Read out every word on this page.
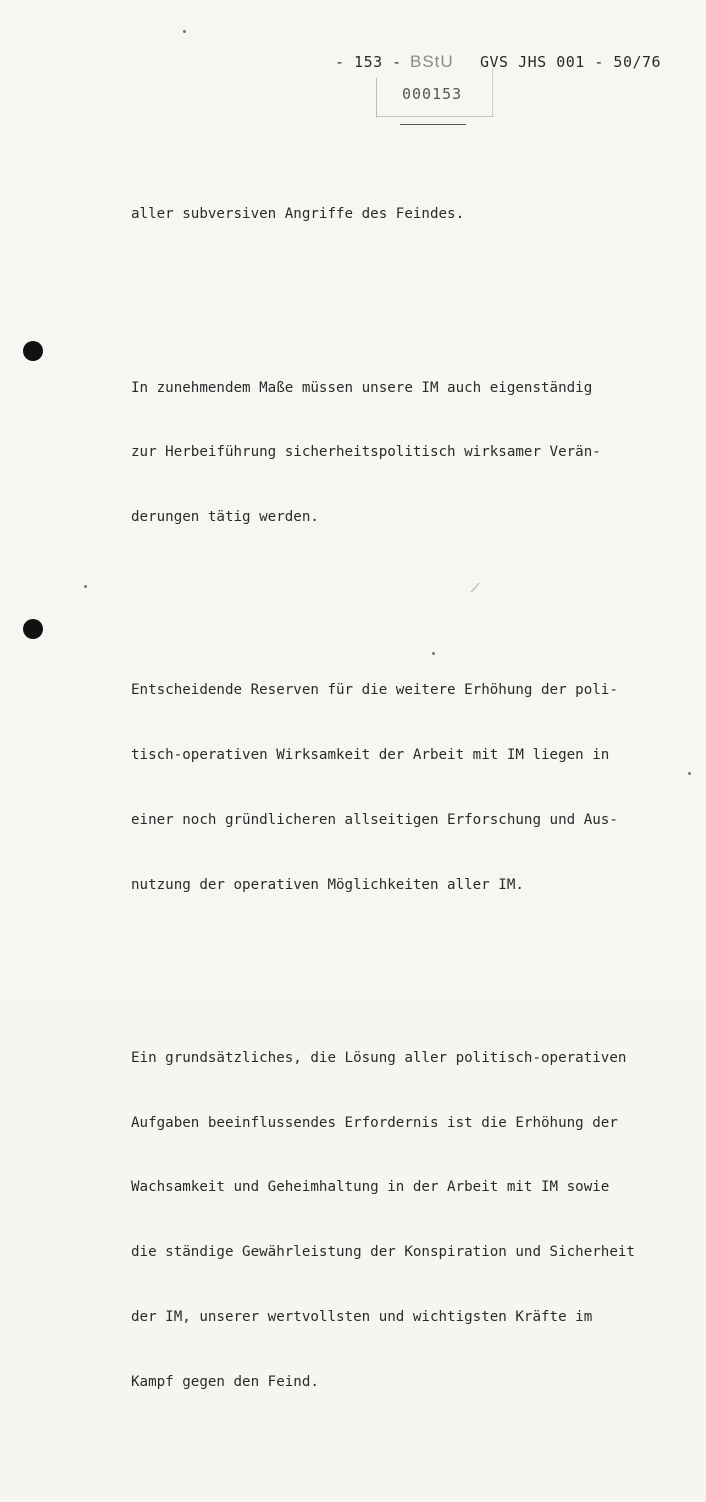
- 153 - BStU
000153
GVS JHS 001 - 50/76

aller subversiven Angriffe des Feindes.

In zunehmendem Maße müssen unsere IM auch eigenständig

zur Herbeiführung sicherheitspolitisch wirksamer Verän-

derungen tätig werden.

Entscheidende Reserven für die weitere Erhöhung der poli-

tisch-operativen Wirksamkeit der Arbeit mit IM liegen in

einer noch gründlicheren allseitigen Erforschung und Aus-

nutzung der operativen Möglichkeiten aller IM.

Ein grundsätzliches, die Lösung aller politisch-operativen

Aufgaben beeinflussendes Erfordernis ist die Erhöhung der

Wachsamkeit und Geheimhaltung in der Arbeit mit IM sowie

die ständige Gewährleistung der Konspiration und Sicherheit

der IM, unserer wertvollsten und wichtigsten Kräfte im

Kampf gegen den Feind.

⟋
